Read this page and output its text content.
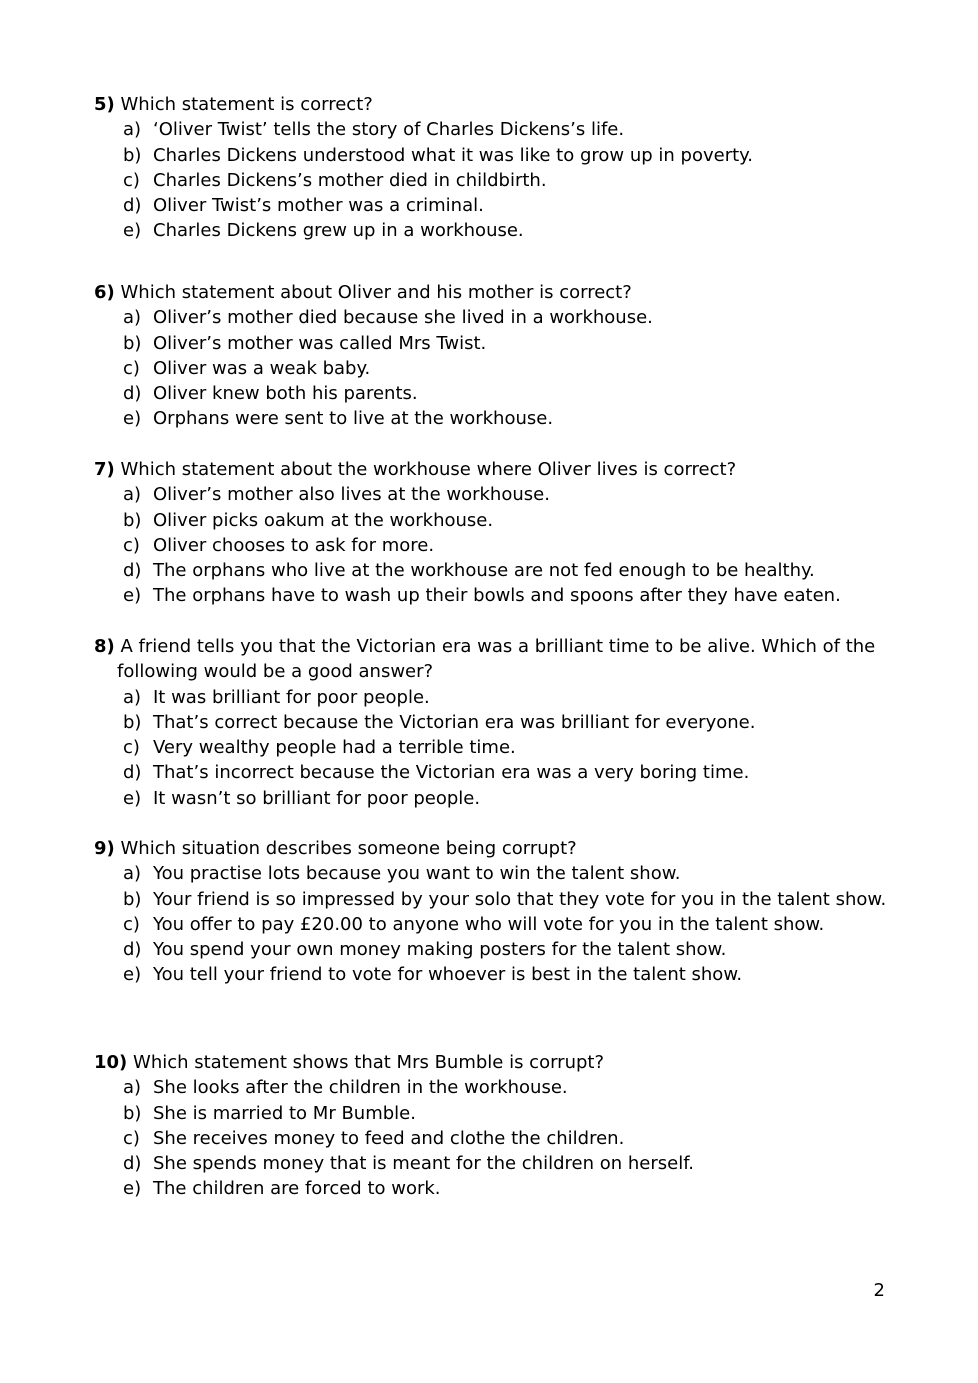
5) Which statement is correct?

a) ‘Oliver Twist’ tells the story of Charles Dickens’s life.
b) Charles Dickens understood what it was like to grow up in poverty.
c) Charles Dickens’s mother died in childbirth.
d) Oliver Twist’s mother was a criminal.
e) Charles Dickens grew up in a workhouse.

6) Which statement about Oliver and his mother is correct?

a) Oliver’s mother died because she lived in a workhouse.
b) Oliver’s mother was called Mrs Twist.
c) Oliver was a weak baby.
d) Oliver knew both his parents.
e) Orphans were sent to live at the workhouse.

7) Which statement about the workhouse where Oliver lives is correct?

a) Oliver’s mother also lives at the workhouse.
b) Oliver picks oakum at the workhouse.
c) Oliver chooses to ask for more.
d) The orphans who live at the workhouse are not fed enough to be healthy.
e) The orphans have to wash up their bowls and spoons after they have eaten.

8) A friend tells you that the Victorian era was a brilliant time to be alive. Which of the following would be a good answer?

a) It was brilliant for poor people.
b) That’s correct because the Victorian era was brilliant for everyone.
c) Very wealthy people had a terrible time.
d) That’s incorrect because the Victorian era was a very boring time.
e) It wasn’t so brilliant for poor people.

9) Which situation describes someone being corrupt?

a) You practise lots because you want to win the talent show.
b) Your friend is so impressed by your solo that they vote for you in the talent show.
c) You offer to pay £20.00 to anyone who will vote for you in the talent show.
d) You spend your own money making posters for the talent show.
e) You tell your friend to vote for whoever is best in the talent show.

10) Which statement shows that Mrs Bumble is corrupt?

a) She looks after the children in the workhouse.
b) She is married to Mr Bumble.
c) She receives money to feed and clothe the children.
d) She spends money that is meant for the children on herself.
e) The children are forced to work.
2
